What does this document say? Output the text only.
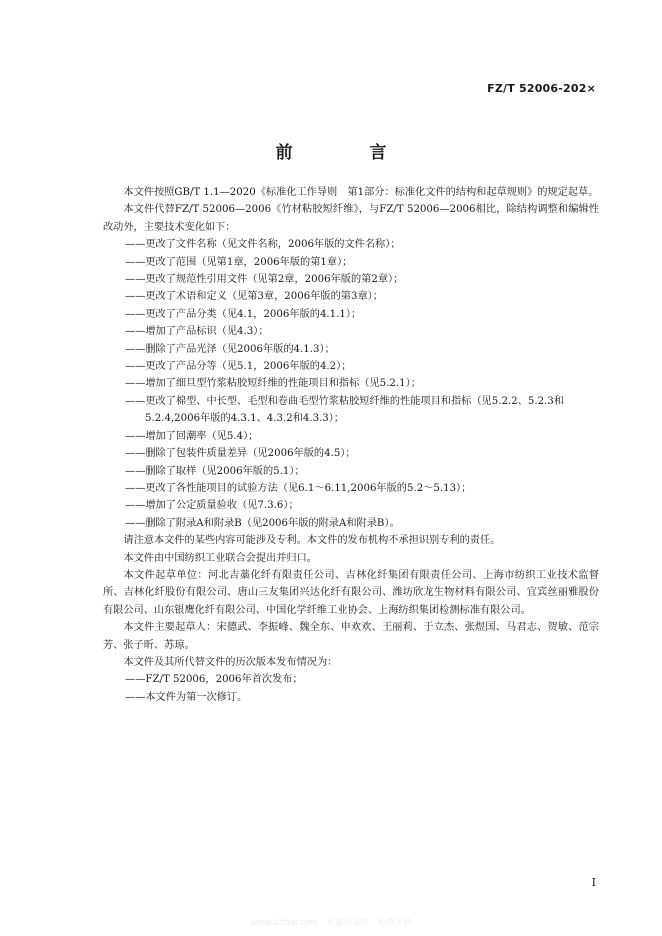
FZ/T 52006-202×
前　言

本文件按照GB/T 1.1—2020《标准化工作导则　第1部分：标准化文件的结构和起草规则》的规定起草。

本文件代替FZ/T 52006—2006《竹材粘胶短纤维》，与FZ/T 52006—2006相比，除结构调整和编辑性改动外，主要技术变化如下：

——更改了文件名称（见文件名称，2006年版的文件名称）；

——更改了范围（见第1章，2006年版的第1章）；

——更改了规范性引用文件（见第2章，2006年版的第2章）；

——更改了术语和定义（见第3章，2006年版的第3章）；

——更改了产品分类（见4.1，2006年版的4.1.1）；

——增加了产品标识（见4.3）；

——删除了产品光泽（见2006年版的4.1.3）；

——更改了产品分等（见5.1，2006年版的4.2）；

——增加了细旦型竹浆粘胶短纤维的性能项目和指标（见5.2.1）；

——更改了棉型、中长型、毛型和卷曲毛型竹浆粘胶短纤维的性能项目和指标（见5.2.2、5.2.3和5.2.4,2006年版的4.3.1、4.3.2和4.3.3）；

——增加了回潮率（见5.4）；

——删除了包装件质量差异（见2006年版的4.5）；

——删除了取样（见2006年版的5.1）；

——更改了各性能项目的试验方法（见6.1～6.11,2006年版的5.2～5.13）；

——增加了公定质量验收（见7.3.6）；

——删除了附录A和附录B（见2006年版的附录A和附录B）。

请注意本文件的某些内容可能涉及专利。本文件的发布机构不承担识别专利的责任。

本文件由中国纺织工业联合会提出并归口。

本文件起草单位：河北吉藁化纤有限责任公司、吉林化纤集团有限责任公司、上海市纺织工业技术监督所、吉林化纤股份有限公司、唐山三友集团兴达化纤有限公司、潍坊欣龙生物材料有限公司、宜宾丝丽雅股份有限公司、山东银鹰化纤有限公司、中国化学纤维工业协会、上海纺织集团检测标准有限公司。

本文件主要起草人：宋德武、李振峰、魏全东、申欢欢、王丽莉、于立杰、张煜国、马君志、贺敏、范宗芳、张子昕、苏琼。

本文件及其所代替文件的历次版本发布情况为：

——FZ/T 52006，2006年首次发布；

——本文件为第一次修订。

I
www.bzfxw.com　标准分享网　免费下载
